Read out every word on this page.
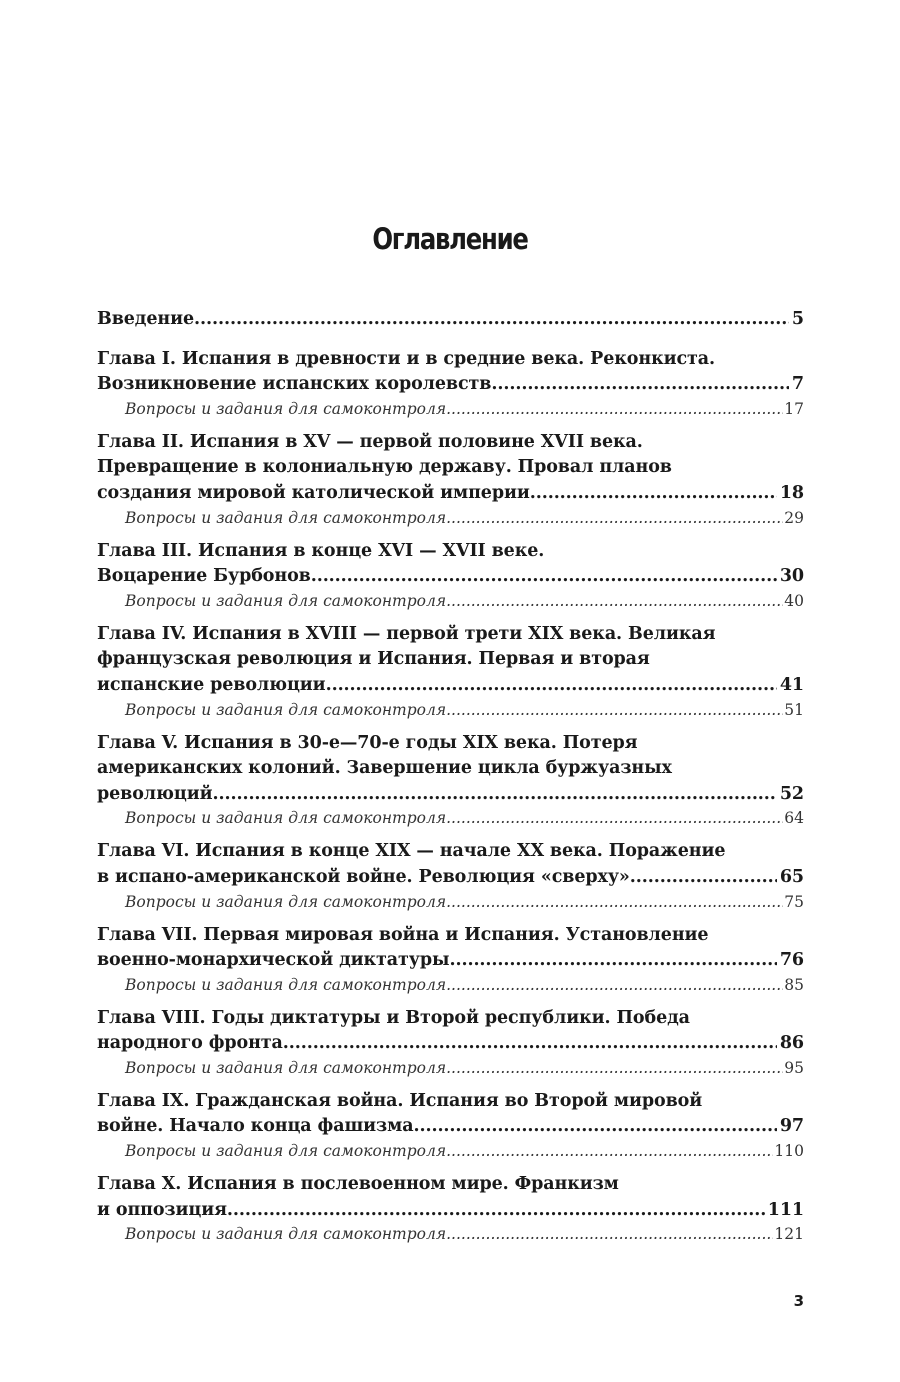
Оглавление
Введение .....	5
Глава I. Испания в древности и в средние века. Реконкиста.
Возникновение испанских королевств .....	7
Вопросы и задания для самоконтроля .....	17
Глава II. Испания в XV — первой половине XVII века.
Превращение в колониальную державу. Провал планов
создания мировой католической империи .....	18
Вопросы и задания для самоконтроля .....	29
Глава III. Испания в конце XVI — XVII веке.
Воцарение Бурбонов .....	30
Вопросы и задания для самоконтроля .....	40
Глава IV. Испания в XVIII — первой трети XIX века. Великая
французская революция и Испания. Первая и вторая
испанские революции .....	41
Вопросы и задания для самоконтроля .....	51
Глава V. Испания в 30-е—70-е годы XIX века. Потеря
американских колоний. Завершение цикла буржуазных
революций .....	52
Вопросы и задания для самоконтроля .....	64
Глава VI. Испания в конце XIX — начале XX века. Поражение
в испано-американской войне. Революция «сверху» .....	65
Вопросы и задания для самоконтроля .....	75
Глава VII. Первая мировая война и Испания. Установление
военно-монархической диктатуры .....	76
Вопросы и задания для самоконтроля .....	85
Глава VIII. Годы диктатуры и Второй республики. Победа
народного фронта .....	86
Вопросы и задания для самоконтроля .....	95
Глава IX. Гражданская война. Испания во Второй мировой
войне. Начало конца фашизма .....	97
Вопросы и задания для самоконтроля .....	110
Глава X. Испания в послевоенном мире. Франкизм
и оппозиция .....	111
Вопросы и задания для самоконтроля .....	121
3
